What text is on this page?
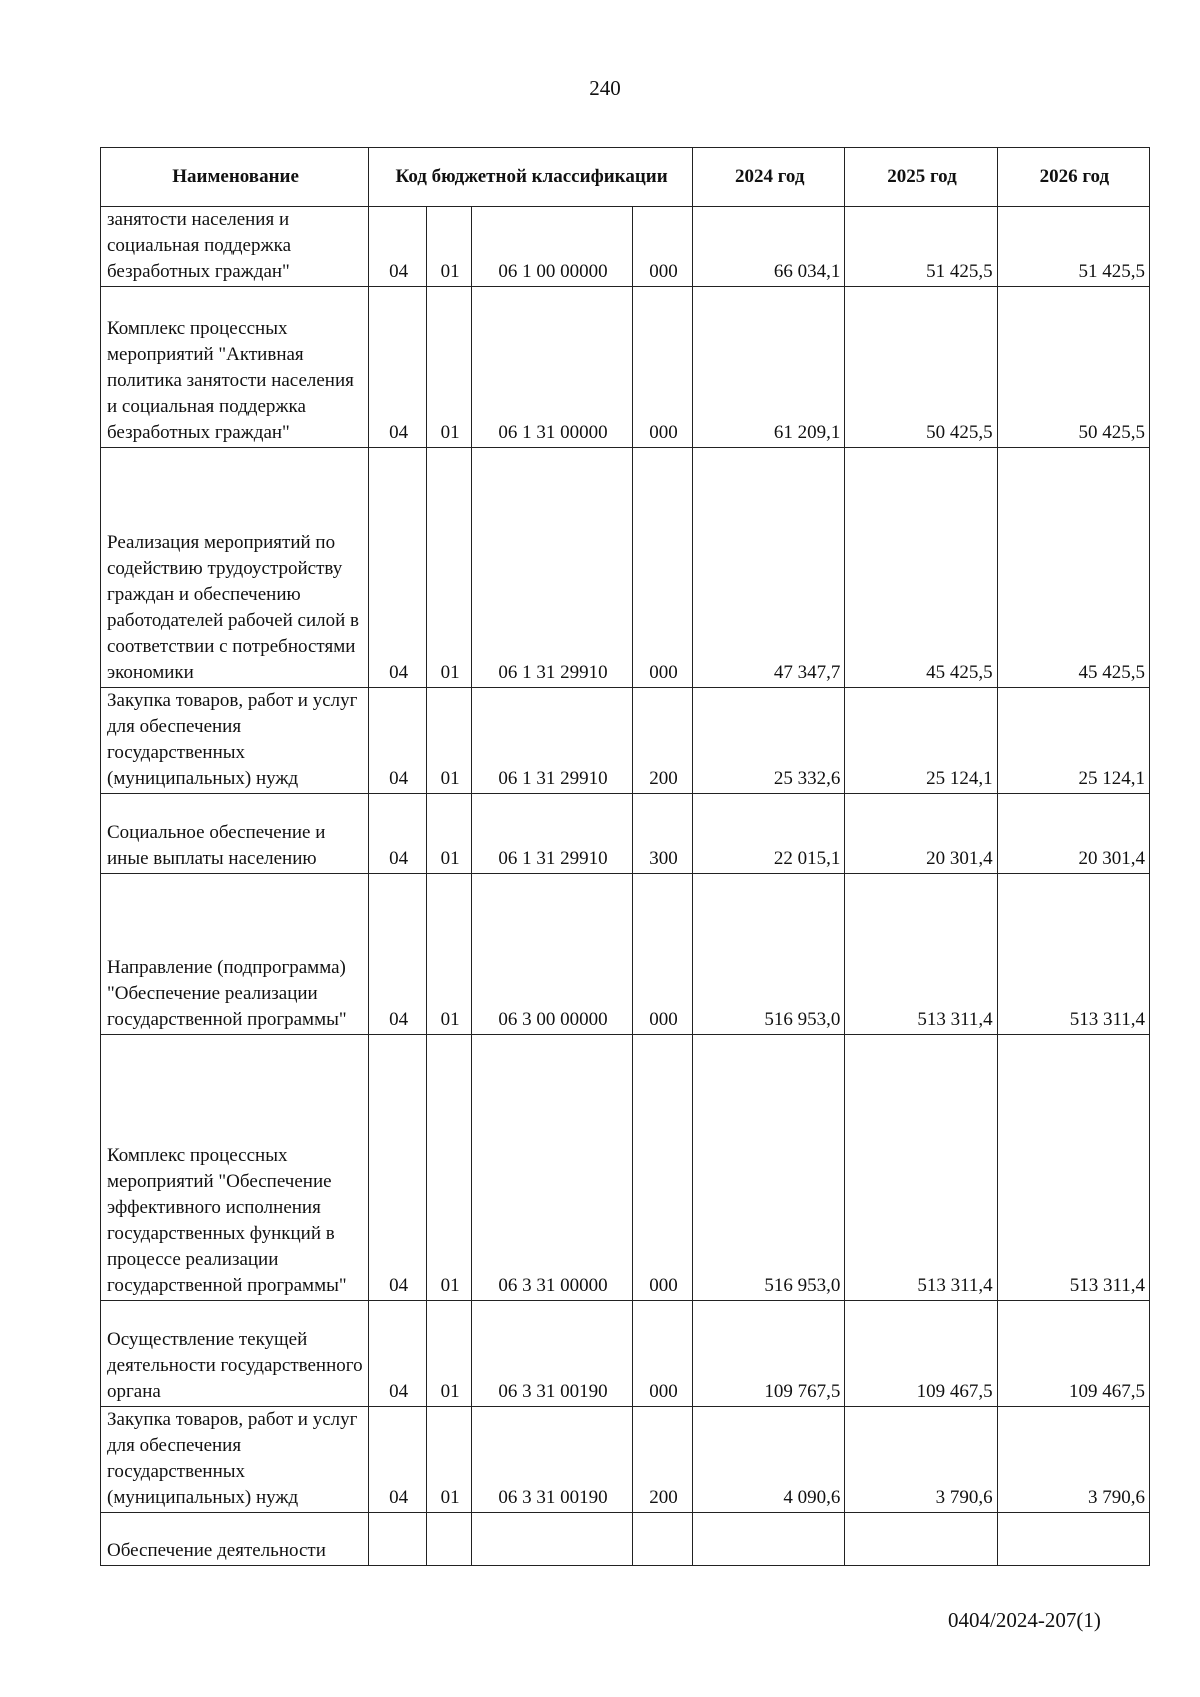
240
Наименование	Код бюджетной классификации				2024 год	2025 год	2026 год
занятости населения и социальная поддержка безработных граждан"	04	01	06 1 00 00000	000	66 034,1	51 425,5	51 425,5
Комплекс процессных мероприятий "Активная политика занятости населения и социальная поддержка безработных граждан"	04	01	06 1 31 00000	000	61 209,1	50 425,5	50 425,5
Реализация мероприятий по содействию трудоустройству граждан и обеспечению работодателей рабочей силой в соответствии с потребностями экономики	04	01	06 1 31 29910	000	47 347,7	45 425,5	45 425,5
Закупка товаров, работ и услуг для обеспечения государственных (муниципальных) нужд	04	01	06 1 31 29910	200	25 332,6	25 124,1	25 124,1
Социальное обеспечение и иные выплаты населению	04	01	06 1 31 29910	300	22 015,1	20 301,4	20 301,4
Направление (подпрограмма) "Обеспечение реализации государственной программы"	04	01	06 3 00 00000	000	516 953,0	513 311,4	513 311,4
Комплекс процессных мероприятий "Обеспечение эффективного исполнения государственных функций в процессе реализации государственной программы"	04	01	06 3 31 00000	000	516 953,0	513 311,4	513 311,4
Осуществление текущей деятельности государственного органа	04	01	06 3 31 00190	000	109 767,5	109 467,5	109 467,5
Закупка товаров, работ и услуг для обеспечения государственных (муниципальных) нужд	04	01	06 3 31 00190	200	4 090,6	3 790,6	3 790,6
Обеспечение деятельности							
0404/2024-207(1)
